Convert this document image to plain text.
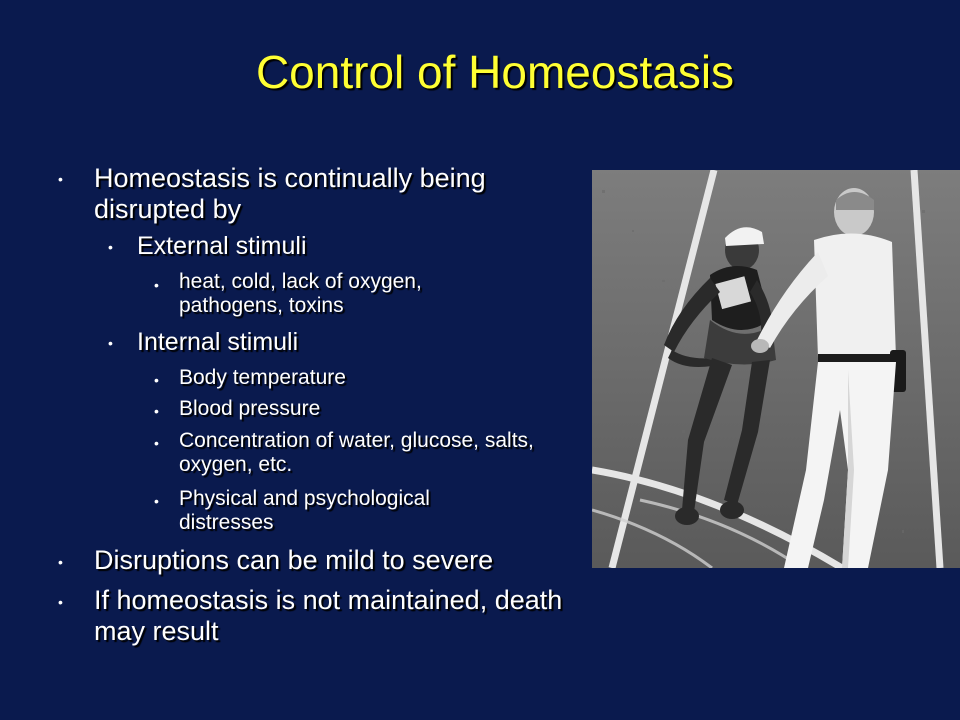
Control of Homeostasis
• Homeostasis is continually being disrupted by
• External stimuli
• heat, cold, lack of oxygen, pathogens, toxins
• Internal stimuli
• Body temperature
• Blood pressure
• Concentration of water, glucose, salts, oxygen, etc.
• Physical and psychological distresses
• Disruptions can be mild to severe
• If homeostasis is not maintained, death may result
